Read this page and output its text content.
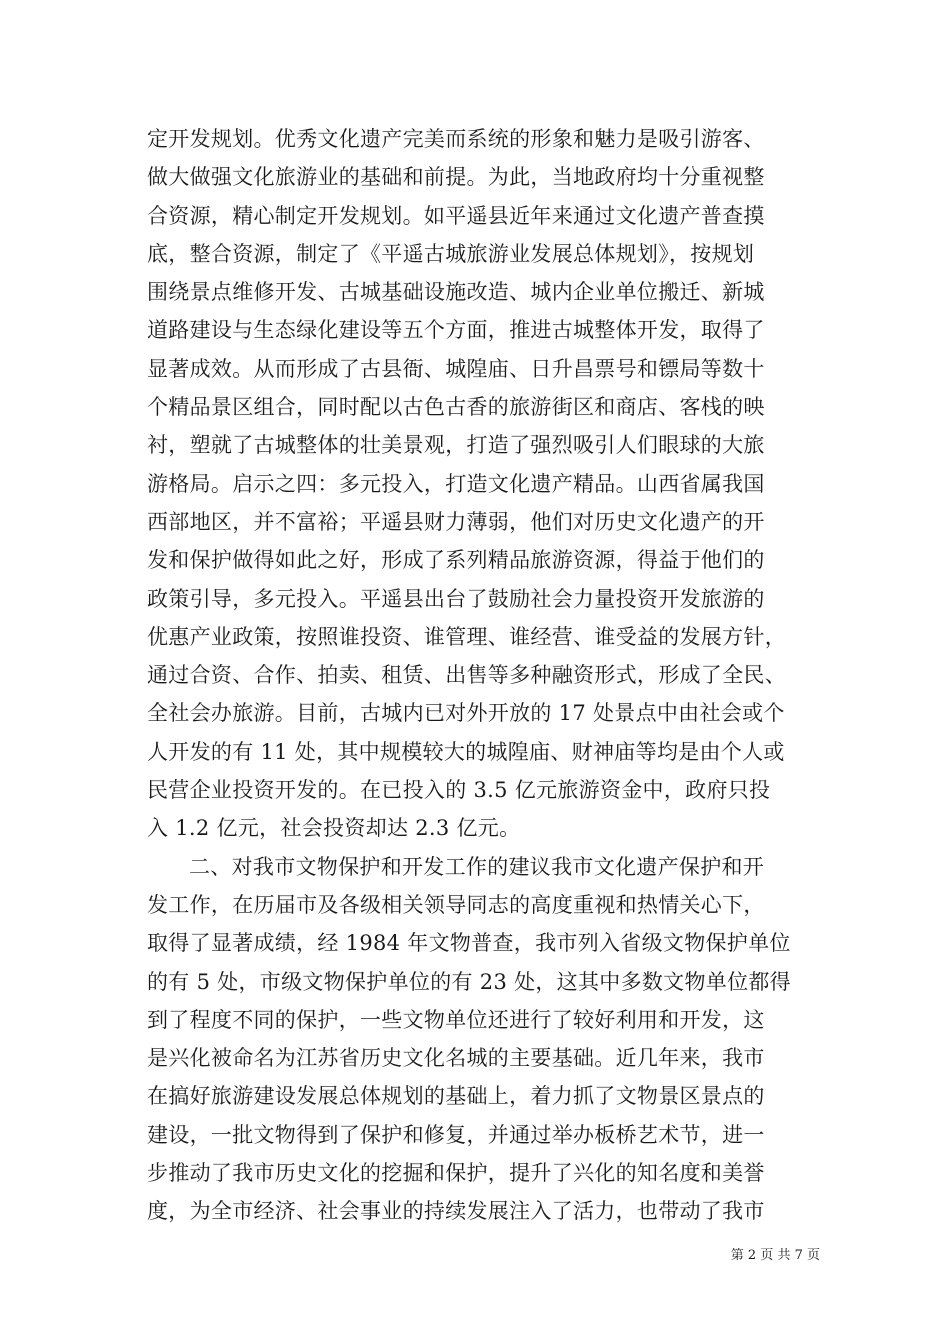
定开发规划。优秀文化遗产完美而系统的形象和魅力是吸引游客、
做大做强文化旅游业的基础和前提。为此，当地政府均十分重视整
合资源，精心制定开发规划。如平遥县近年来通过文化遗产普查摸
底，整合资源，制定了《平遥古城旅游业发展总体规划》，按规划
围绕景点维修开发、古城基础设施改造、城内企业单位搬迁、新城
道路建设与生态绿化建设等五个方面，推进古城整体开发，取得了
显著成效。从而形成了古县衙、城隍庙、日升昌票号和镖局等数十
个精品景区组合，同时配以古色古香的旅游街区和商店、客栈的映
衬，塑就了古城整体的壮美景观，打造了强烈吸引人们眼球的大旅
游格局。启示之四：多元投入，打造文化遗产精品。山西省属我国
西部地区，并不富裕；平遥县财力薄弱，他们对历史文化遗产的开
发和保护做得如此之好，形成了系列精品旅游资源，得益于他们的
政策引导，多元投入。平遥县出台了鼓励社会力量投资开发旅游的
优惠产业政策，按照谁投资、谁管理、谁经营、谁受益的发展方针，
通过合资、合作、拍卖、租赁、出售等多种融资形式，形成了全民、
全社会办旅游。目前，古城内已对外开放的 17 处景点中由社会或个
人开发的有 11 处，其中规模较大的城隍庙、财神庙等均是由个人或
民营企业投资开发的。在已投入的 3.5 亿元旅游资金中，政府只投
入 1.2 亿元，社会投资却达 2.3 亿元。
二、对我市文物保护和开发工作的建议我市文化遗产保护和开
发工作，在历届市及各级相关领导同志的高度重视和热情关心下，
取得了显著成绩，经 1984 年文物普查，我市列入省级文物保护单位
的有 5 处，市级文物保护单位的有 23 处，这其中多数文物单位都得
到了程度不同的保护，一些文物单位还进行了较好利用和开发，这
是兴化被命名为江苏省历史文化名城的主要基础。近几年来，我市
在搞好旅游建设发展总体规划的基础上，着力抓了文物景区景点的
建设，一批文物得到了保护和修复，并通过举办板桥艺术节，进一
步推动了我市历史文化的挖掘和保护，提升了兴化的知名度和美誉
度，为全市经济、社会事业的持续发展注入了活力，也带动了我市
第 2 页 共 7 页
